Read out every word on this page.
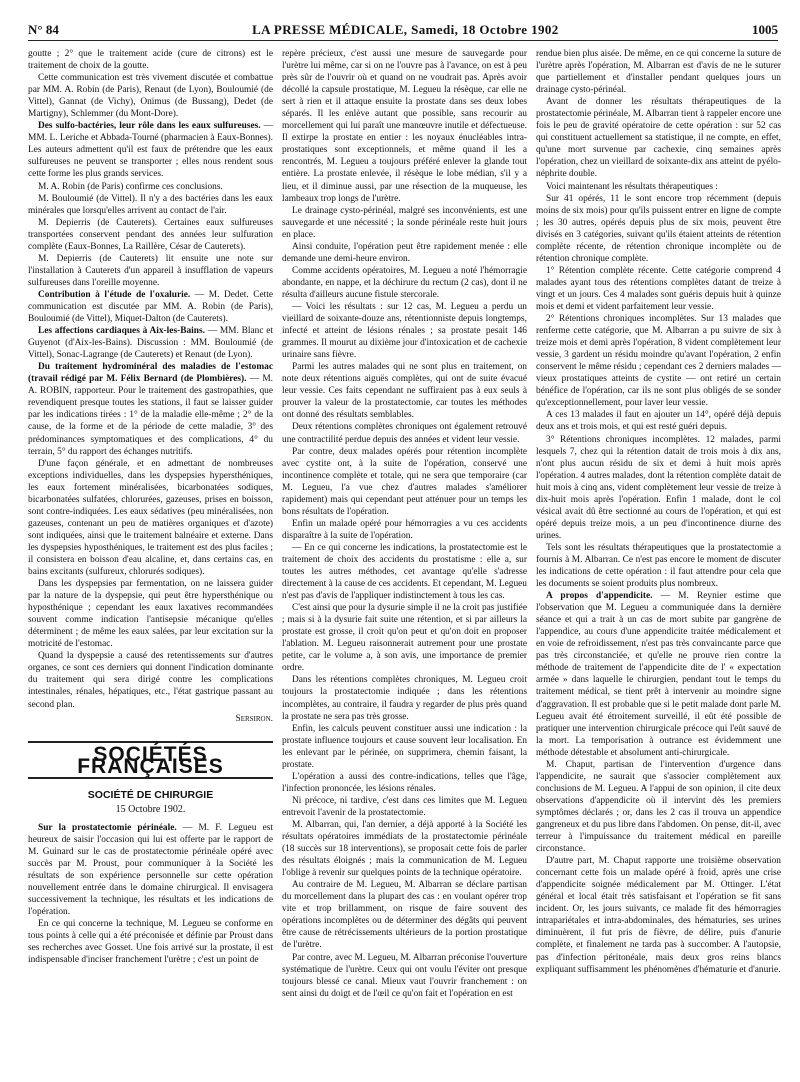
N° 84	LA PRESSE MÉDICALE, Samedi, 18 Octobre 1902	1005

goutte ; 2° que le traitement acide (cure de citrons) est le traitement de choix de la goutte.

Cette communication est très vivement discutée et combattue par MM. A. Robin (de Paris), Renaut (de Lyon), Bouloumié (de Vittel), Gannat (de Vichy), Onimus (de Bussang), Dedet (de Martigny), Schlemmer (du Mont-Dore).

Des sulfo-bactéries, leur rôle dans les eaux sulfureuses. — MM. L. Leriche et Abbada-Tourné (pharmacien à Eaux-Bonnes). Les auteurs admettent qu'il est faux de prétendre que les eaux sulfureuses ne peuvent se transporter ; elles nous rendent sous cette forme les plus grands services.

M. A. Robin (de Paris) confirme ces conclusions.

M. Bouloumié (de Vittel). Il n'y a des bactéries dans les eaux minérales que lorsqu'elles arrivent au contact de l'air.

M. Depierris (de Cauterets). Certaines eaux sulfureuses transportées conservent pendant des années leur sulfuration complète (Eaux-Bonnes, La Raillère, César de Cauterets).

M. Depierris (de Cauterets) lit ensuite une note sur l'installation à Cauterets d'un appareil à insufflation de vapeurs sulfureuses dans l'oreille moyenne.

Contribution à l'étude de l'oxalurie. — M. Dedet. Cette communication est discutée par MM. A. Robin (de Paris), Bouloumié (de Vittel), Miquet-Dalton (de Cauterets).

Les affections cardiaques à Aix-les-Bains. — MM. Blanc et Guyenot (d'Aix-les-Bains). Discussion : MM. Bouloumié (de Vittel), Sonac-Lagrange (de Cauterets) et Renaut (de Lyon).

Du traitement hydrominéral des maladies de l'estomac (travail rédigé par M. Félix Bernard (de Plombières). — M. A. ROBIN, rapporteur. Pour le traitement des gastropathies, que revendiquent presque toutes les stations, il faut se laisser guider par les indications tirées : 1° de la maladie elle-même ; 2° de la cause, de la forme et de la période de cette maladie, 3° des prédominances symptomatiques et des complications, 4° du terrain, 5° du rapport des échanges nutritifs.

D'une façon générale, et en admettant de nombreuses exceptions individuelles, dans les dyspepsies hypersthéniques, les eaux fortement minéralisées, bicarbonatées sodiques, bicarbonatées sulfatées, chlorurées, gazeuses, prises en boisson, sont contre-indiquées. Les eaux sédatives (peu minéralisées, non gazeuses, contenant un peu de matières organiques et d'azote) sont indiquées, ainsi que le traitement balnéaire et externe. Dans les dyspepsies hyposthéniques, le traitement est des plus faciles ; il consistera en boisson d'eau alcaline, et, dans certains cas, en bains excitants (sulfureux, chlorurés sodiques).

Dans les dyspepsies par fermentation, on ne laissera guider par la nature de la dyspepsie, qui peut être hypersthénique ou hyposthénique ; cependant les eaux laxatives recommandées souvent comme indication l'antisepsie mécanique qu'elles déterminent ; de même les eaux salées, par leur excitation sur la motricité de l'estomac.

Quand la dyspepsie a causé des retentissements sur d'autres organes, ce sont ces derniers qui donnent l'indication dominante du traitement qui sera dirigé contre les complications intestinales, rénales, hépatiques, etc., l'état gastrique passant au second plan.

Sersiron.

SOCIÉTÉS FRANÇAISES
SOCIÉTÉ DE CHIRURGIE
15 Octobre 1902.

Sur la prostatectomie périnéale. — M. F. Legueu est heureux de saisir l'occasion qui lui est offerte par le rapport de M. Guinard sur le cas de prostatectomie périnéale opéré avec succès par M. Proust, pour communiquer à la Société les résultats de son expérience personnelle sur cette opération nouvellement entrée dans le domaine chirurgical. Il envisagera successivement la technique, les résultats et les indications de l'opération.

En ce qui concerne la technique, M. Legueu se conforme en tous points à celle qui a été préconisée et définie par Proust dans ses recherches avec Gosset. Une fois arrivé sur la prostate, il est indispensable d'inciser franchement l'urètre ; c'est un point de

repère précieux, c'est aussi une mesure de sauvegarde pour l'urètre lui même, car si on ne l'ouvre pas à l'avance, on est à peu près sûr de l'ouvrir où et quand on ne voudrait pas. Après avoir décollé la capsule prostatique, M. Legueu la résèque, car elle ne sert à rien et il attaque ensuite la prostate dans ses deux lobes séparés. Il les enlève autant que possible, sans recourir au morcellement qui lui paraît une manœuvre inutile et défectueuse. Il extirpe la prostate en entier : les noyaux énucléables intra-prostatiques sont exceptionnels, et même quand il les a rencontrés, M. Legueu a toujours préféré enlever la glande tout entière. La prostate enlevée, il résèque le lobe médian, s'il y a lieu, et il diminue aussi, par une résection de la muqueuse, les lambeaux trop longs de l'urètre.

Le drainage cysto-périnéal, malgré ses inconvénients, est une sauvegarde et une nécessité ; la sonde périnéale reste huit jours en place.

Ainsi conduite, l'opération peut être rapidement menée : elle demande une demi-heure environ.

Comme accidents opératoires, M. Legueu a noté l'hémorragie abondante, en nappe, et la déchirure du rectum (2 cas), dont il ne résulta d'ailleurs aucune fistule stercorale.

— Voici les résultats : sur 12 cas, M. Legueu a perdu un vieillard de soixante-douze ans, rétentionniste depuis longtemps, infecté et atteint de lésions rénales ; sa prostate pesait 146 grammes. Il mourut au dixième jour d'intoxication et de cachexie urinaire sans fièvre.

Parmi les autres malades qui ne sont plus en traitement, on note deux rétentions aiguës complètes, qui ont de suite évacué leur vessie. Ces faits cependant ne suffiraient pas à eux seuls à prouver la valeur de la prostatectomie, car toutes les méthodes ont donné des résultats semblables.

Deux rétentions complètes chroniques ont également retrouvé une contractilité perdue depuis des années et vident leur vessie.

Par contre, deux malades opérés pour rétention incomplète avec cystite ont, à la suite de l'opération, conservé une incontinence complète et totale, qui ne sera que temporaire (car M. Legueu, l'a vue chez d'autres malades s'améliorer rapidement) mais qui cependant peut atténuer pour un temps les bons résultats de l'opération.

Enfin un malade opéré pour hémorragies a vu ces accidents disparaître à la suite de l'opération.

— En ce qui concerne les indications, la prostatectomie est le traitement de choix des accidents du prostatisme : elle a, sur toutes les autres méthodes, cet avantage qu'elle s'adresse directement à la cause de ces accidents. Et cependant, M. Legueu n'est pas d'avis de l'appliquer indistinctement à tous les cas.

C'est ainsi que pour la dysurie simple il ne la croit pas justifiée ; mais si à la dysurie fait suite une rétention, et si par ailleurs la prostate est grosse, il croit qu'on peut et qu'on doit en proposer l'ablation. M. Legueu raisonnerait autrement pour une prostate petite, car le volume a, à son avis, une importance de premier ordre.

Dans les rétentions complètes chroniques, M. Legueu croit toujours la prostatectomie indiquée ; dans les rétentions incomplètes, au contraire, il faudra y regarder de plus près quand la prostate ne sera pas très grosse.

Enfin, les calculs peuvent constituer aussi une indication : la prostate influence toujours et cause souvent leur localisation. En les enlevant par le périnée, on supprimera, chemin faisant, la prostate.

L'opération a aussi des contre-indications, telles que l'âge, l'infection prononcée, les lésions rénales.

Ni précoce, ni tardive, c'est dans ces limites que M. Legueu entrevoit l'avenir de la prostatectomie.

M. Albarran, qui, l'an dernier, a déjà apporté à la Société les résultats opératoires immédiats de la prostatectomie périnéale (18 succès sur 18 interventions), se proposait cette fois de parler des résultats éloignés ; mais la communication de M. Legueu l'oblige à revenir sur quelques points de la technique opératoire.

Au contraire de M. Legueu, M. Albarran se déclare partisan du morcellement dans la plupart des cas : en voulant opérer trop vite et trop brillamment, on risque de faire souvent des opérations incomplètes ou de déterminer des dégâts qui peuvent être cause de rétrécissements ultérieurs de la portion prostatique de l'urètre.

Par contre, avec M. Legueu, M. Albarran préconise l'ouverture systématique de l'urètre. Ceux qui ont voulu l'éviter ont presque toujours blessé ce canal. Mieux vaut l'ouvrir franchement : on sent ainsi du doigt et de l'œil ce qu'on fait et l'opération en est

rendue bien plus aisée. De même, en ce qui concerne la suture de l'urètre après l'opération, M. Albarran est d'avis de ne le suturer que partiellement et d'installer pendant quelques jours un drainage cysto-périnéal.

Avant de donner les résultats thérapeutiques de la prostatectomie périnéale, M. Albarran tient à rappeler encore une fois le peu de gravité opératoire de cette opération : sur 52 cas qui constituent actuellement sa statistique, il ne compte, en effet, qu'une mort survenue par cachexie, cinq semaines après l'opération, chez un vieillard de soixante-dix ans atteint de pyélo-néphrite double.

Voici maintenant les résultats thérapeutiques :

Sur 41 opérés, 11 le sont encore trop récemment (depuis moins de six mois) pour qu'ils puissent entrer en ligne de compte ; les 30 autres, opérés depuis plus de six mois, peuvent être divisés en 3 catégories, suivant qu'ils étaient atteints de rétention complète récente, de rétention chronique incomplète ou de rétention chronique complète.

1° Rétention complète récente. Cette catégorie comprend 4 malades ayant tous des rétentions complètes datant de treize à vingt et un jours. Ces 4 malades sont guéris depuis huit à quinze mois et demi et vident parfaitement leur vessie.

2° Rétentions chroniques incomplètes. Sur 13 malades que renferme cette catégorie, que M. Albarran a pu suivre de six à treize mois et demi après l'opération, 8 vident complètement leur vessie, 3 gardent un résidu moindre qu'avant l'opération, 2 enfin conservent le même résidu ; cependant ces 2 derniers malades — vieux prostatiques atteints de cystite — ont retiré un certain bénéfice de l'opération, car ils ne sont plus obligés de se sonder qu'exceptionnellement, pour laver leur vessie.

A ces 13 malades il faut en ajouter un 14°, opéré déjà depuis deux ans et trois mois, et qui est resté guéri depuis.

3° Rétentions chroniques incomplètes. 12 malades, parmi lesquels 7, chez qui la rétention datait de trois mois à dix ans, n'ont plus aucun résidu de six et demi à huit mois après l'opération. 4 autres malades, dont la rétention complète datait de huit mois à cinq ans, vident complètement leur vessie de treize à dix-huit mois après l'opération. Enfin 1 malade, dont le col vésical avait dû être sectionné au cours de l'opération, et qui est opéré depuis treize mois, a un peu d'incontinence diurne des urines.

Tels sont les résultats thérapeutiques que la prostatectomie a fournis à M. Albarran. Ce n'est pas encore le moment de discuter les indications de cette opération : il faut attendre pour cela que les documents se soient produits plus nombreux.

A propos d'appendicite. — M. Reynier estime que l'observation que M. Legueu a communiquée dans la dernière séance et qui a trait à un cas de mort subite par gangrène de l'appendice, au cours d'une appendicite traitée médicalement et en voie de refroidissement, n'est pas très convaincante parce que pas très circonstanciée, et qu'elle ne prouve rien contre la méthode de traitement de l'appendicite dite de l' « expectation armée » dans laquelle le chirurgien, pendant tout le temps du traitement médical, se tient prêt à intervenir au moindre signe d'aggravation. Il est probable que si le petit malade dont parle M. Legueu avait été étroitement surveillé, il eût été possible de pratiquer une intervention chirurgicale précoce qui l'eût sauvé de la mort. La temporisation à outrance est évidemment une méthode détestable et absolument anti-chirurgicale.

M. Chaput, partisan de l'intervention d'urgence dans l'appendicite, ne saurait que s'associer complètement aux conclusions de M. Legueu. A l'appui de son opinion, il cite deux observations d'appendicite où il intervint dès les premiers symptômes déclarés ; or, dans les 2 cas il trouva un appendice gangreneux et du pus libre dans l'abdomen. On pense, dit-il, avec terreur à l'impuissance du traitement médical en pareille circonstance.

D'autre part, M. Chaput rapporte une troisième observation concernant cette fois un malade opéré à froid, après une crise d'appendicite soignée médicalement par M. Ottinger. L'état général et local était très satisfaisant et l'opération se fit sans incident. Or, les jours suivants, ce malade fit des hémorragies intrapariétales et intra-abdominales, des hématuries, ses urines diminuèrent, il fut pris de fièvre, de délire, puis d'anurie complète, et finalement ne tarda pas à succomber. A l'autopsie, pas d'infection péritonéale, mais deux gros reins blancs expliquant suffisamment les phénomènes d'hématurie et d'anurie.
